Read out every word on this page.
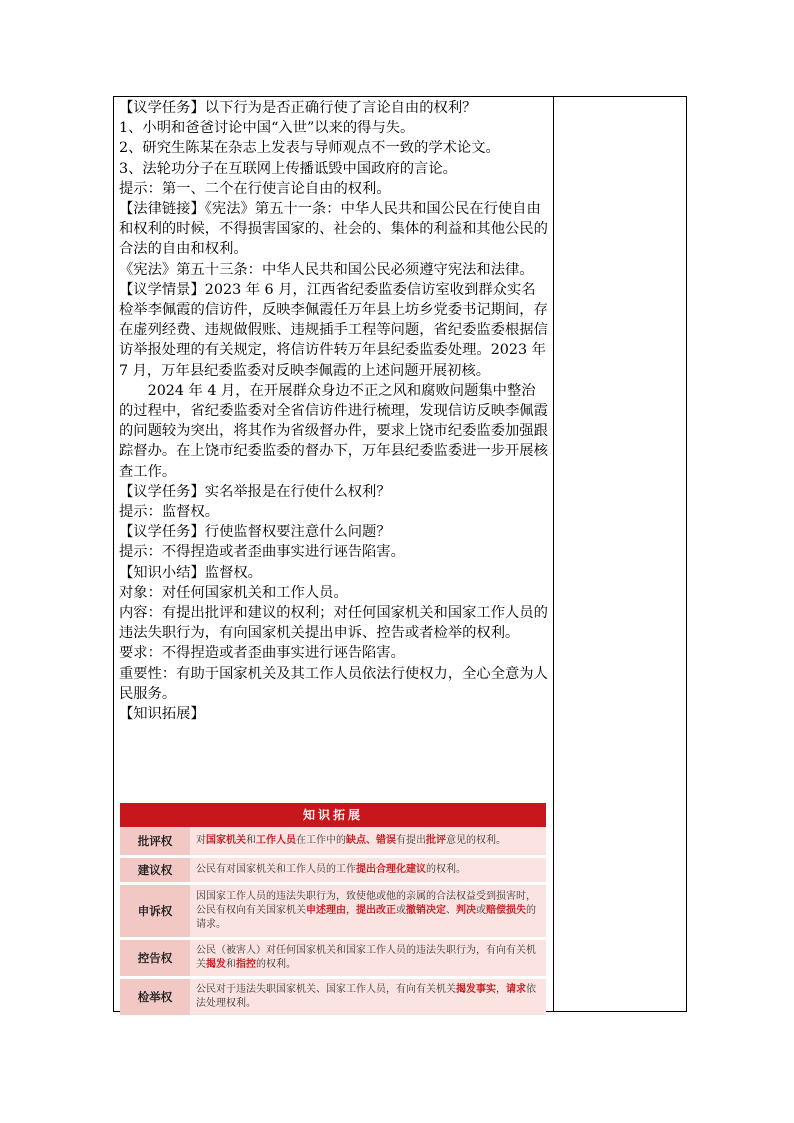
【议学任务】以下行为是否正确行使了言论自由的权利？

1、小明和爸爸讨论中国“入世”以来的得与失。

2、研究生陈某在杂志上发表与导师观点不一致的学术论文。

3、法轮功分子在互联网上传播诋毁中国政府的言论。

提示：第一、二个在行使言论自由的权利。

【法律链接】《宪法》第五十一条：中华人民共和国公民在行使自由和权利的时候，不得损害国家的、社会的、集体的利益和其他公民的合法的自由和权利。

《宪法》第五十三条：中华人民共和国公民必须遵守宪法和法律。

【议学情景】2023 年 6 月，江西省纪委监委信访室收到群众实名检举李佩霞的信访件，反映李佩霞任万年县上坊乡党委书记期间，存在虚列经费、违规做假账、违规插手工程等问题，省纪委监委根据信访举报处理的有关规定，将信访件转万年县纪委监委处理。2023 年 7 月，万年县纪委监委对反映李佩霞的上述问题开展初核。

2024 年 4 月，在开展群众身边不正之风和腐败问题集中整治的过程中，省纪委监委对全省信访件进行梳理，发现信访反映李佩霞的问题较为突出，将其作为省级督办件，要求上饶市纪委监委加强跟踪督办。在上饶市纪委监委的督办下，万年县纪委监委进一步开展核查工作。

【议学任务】实名举报是在行使什么权利？

提示：监督权。

【议学任务】行使监督权要注意什么问题？

提示：不得捏造或者歪曲事实进行诬告陷害。

【知识小结】监督权。

对象：对任何国家机关和工作人员。

内容：有提出批评和建议的权利；对任何国家机关和国家工作人员的违法失职行为，有向国家机关提出申诉、控告或者检举的权利。

要求：不得捏造或者歪曲事实进行诬告陷害。

重要性：有助于国家机关及其工作人员依法行使权力，全心全意为人民服务。

【知识拓展】

知识拓展
批评权	对国家机关和工作人员在工作中的缺点、错误有提出批评意见的权利。
建议权	公民有对国家机关和工作人员的工作提出合理化建议的权利。
申诉权
因国家工作人员的违法失职行为，致使他或他的亲属的合法权益受到损害时，公民有权向有关国家机关申述理由，提出改正或撤销决定、判决或赔偿损失的请求。
控告权
公民（被害人）对任何国家机关和国家工作人员的违法失职行为，有向有关机关揭发和指控的权利。
检举权
公民对于违法失职国家机关、国家工作人员，有向有关机关揭发事实，请求依法处理权利。
